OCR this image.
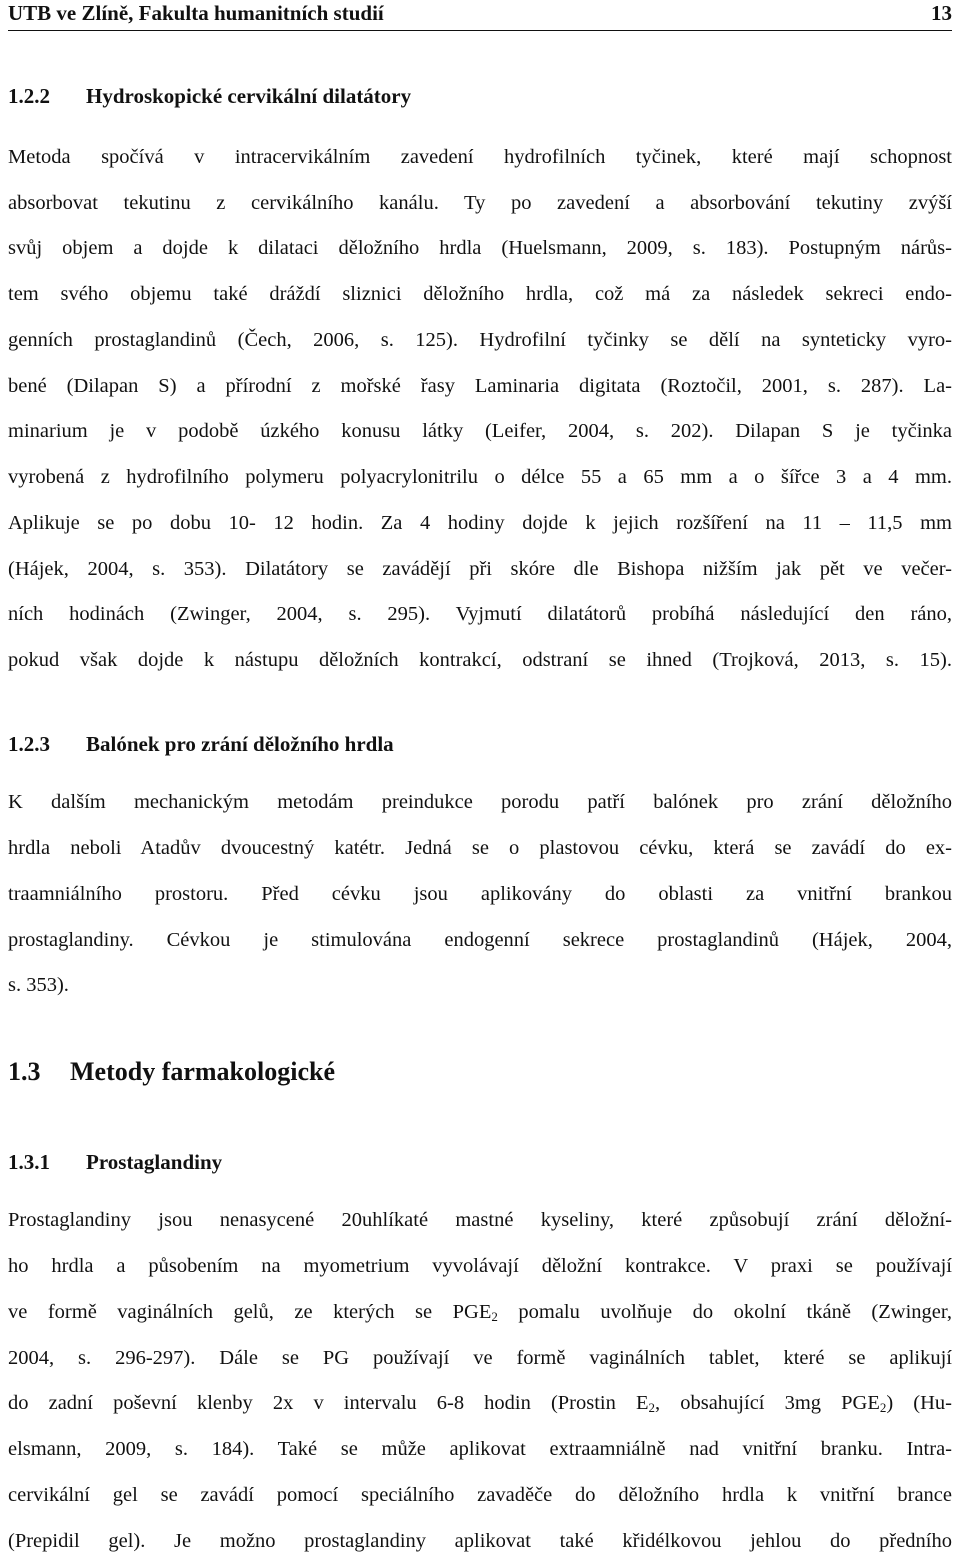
UTB ve Zlíně, Fakulta humanitních studií	13
1.2.2 Hydroskopické cervikální dilatátory
Metoda spočívá v intracervikálním zavedení hydrofilních tyčinek, které mají schopnost
absorbovat tekutinu z cervikálního kanálu. Ty po zavedení a absorbování tekutiny zvýší
svůj objem a dojde k dilataci děložního hrdla (Huelsmann, 2009, s. 183). Postupným nárůs-
tem svého objemu také dráždí sliznici děložního hrdla, což má za následek sekreci endo-
genních prostaglandinů (Čech, 2006, s. 125). Hydrofilní tyčinky se dělí na synteticky vyro-
bené (Dilapan S) a přírodní z mořské řasy Laminaria digitata (Roztočil, 2001, s. 287). La-
minarium je v podobě úzkého konusu látky (Leifer, 2004, s. 202). Dilapan S je tyčinka
vyrobená z hydrofilního polymeru polyacrylonitrilu o délce 55 a 65 mm a o šířce 3 a 4 mm.
Aplikuje se po dobu 10- 12 hodin. Za 4 hodiny dojde k jejich rozšíření na 11 – 11,5 mm
(Hájek, 2004, s. 353). Dilatátory se zavádějí při skóre dle Bishopa nižším jak pět ve večer-
ních hodinách (Zwinger, 2004, s. 295). Vyjmutí dilatátorů probíhá následující den ráno,
pokud však dojde k nástupu děložních kontrakcí, odstraní se ihned (Trojková, 2013, s. 15).
1.2.3 Balónek pro zrání děložního hrdla
K dalším mechanickým metodám preindukce porodu patří balónek pro zrání děložního
hrdla neboli Atadův dvoucestný katétr. Jedná se o plastovou cévku, která se zavádí do ex-
traamniálního prostoru. Před cévku jsou aplikovány do oblasti za vnitřní brankou
prostaglandiny. Cévkou je stimulována endogenní sekrece prostaglandinů (Hájek, 2004,
s. 353).
1.3 Metody farmakologické
1.3.1 Prostaglandiny
Prostaglandiny jsou nenasycené 20uhlíkaté mastné kyseliny, které způsobují zrání děložní-
ho hrdla a působením na myometrium vyvolávají děložní kontrakce. V praxi se používají
ve formě vaginálních gelů, ze kterých se $PGE_2$ pomalu uvolňuje do okolní tkáně (Zwinger,
2004, s. 296-297). Dále se PG používají ve formě vaginálních tablet, které se aplikují
do zadní poševní klenby 2x v intervalu 6-8 hodin (Prostin $E_2$, obsahující 3mg $PGE_2$) (Hu-
elsmann, 2009, s. 184). Také se může aplikovat extraamniálně nad vnitřní branku. Intra-
cervikální gel se zavádí pomocí speciálního zavaděče do děložního hrdla k vnitřní brance
(Prepidil gel). Je možno prostaglandiny aplikovat také křidélkovou jehlou do předního
